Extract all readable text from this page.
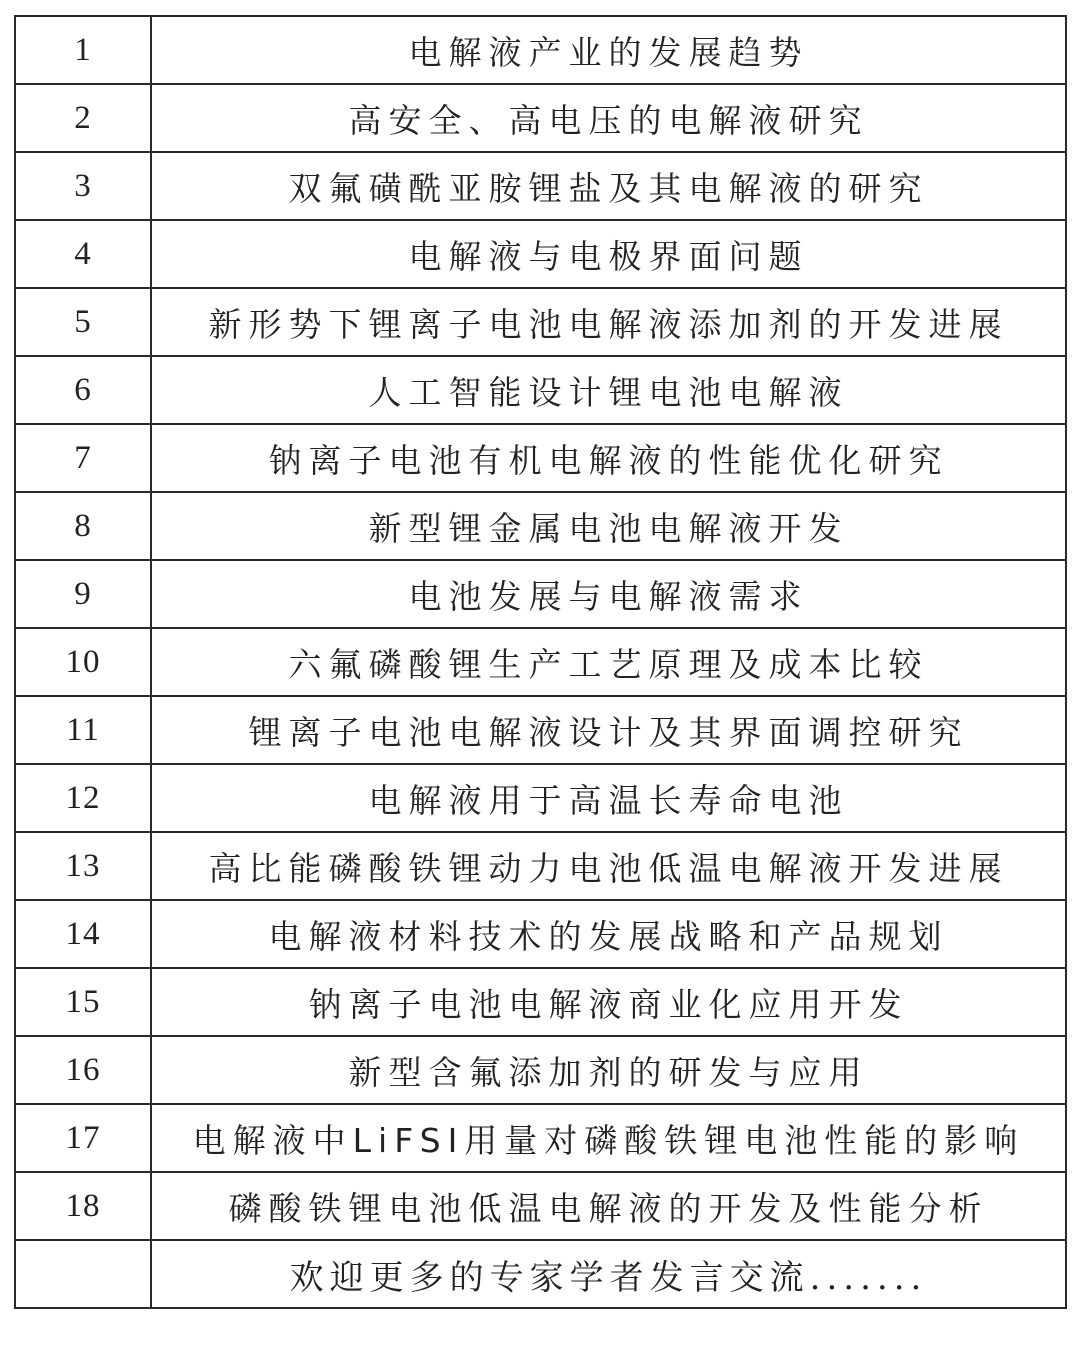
1	电解液产业的发展趋势
2	高安全、高电压的电解液研究
3	双氟磺酰亚胺锂盐及其电解液的研究
4	电解液与电极界面问题
5	新形势下锂离子电池电解液添加剂的开发进展
6	人工智能设计锂电池电解液
7	钠离子电池有机电解液的性能优化研究
8	新型锂金属电池电解液开发
9	电池发展与电解液需求
10	六氟磷酸锂生产工艺原理及成本比较
11	锂离子电池电解液设计及其界面调控研究
12	电解液用于高温长寿命电池
13	高比能磷酸铁锂动力电池低温电解液开发进展
14	电解液材料技术的发展战略和产品规划
15	钠离子电池电解液商业化应用开发
16	新型含氟添加剂的研发与应用
17	电解液中LiFSI用量对磷酸铁锂电池性能的影响
18	磷酸铁锂电池低温电解液的开发及性能分析
	欢迎更多的专家学者发言交流.......
